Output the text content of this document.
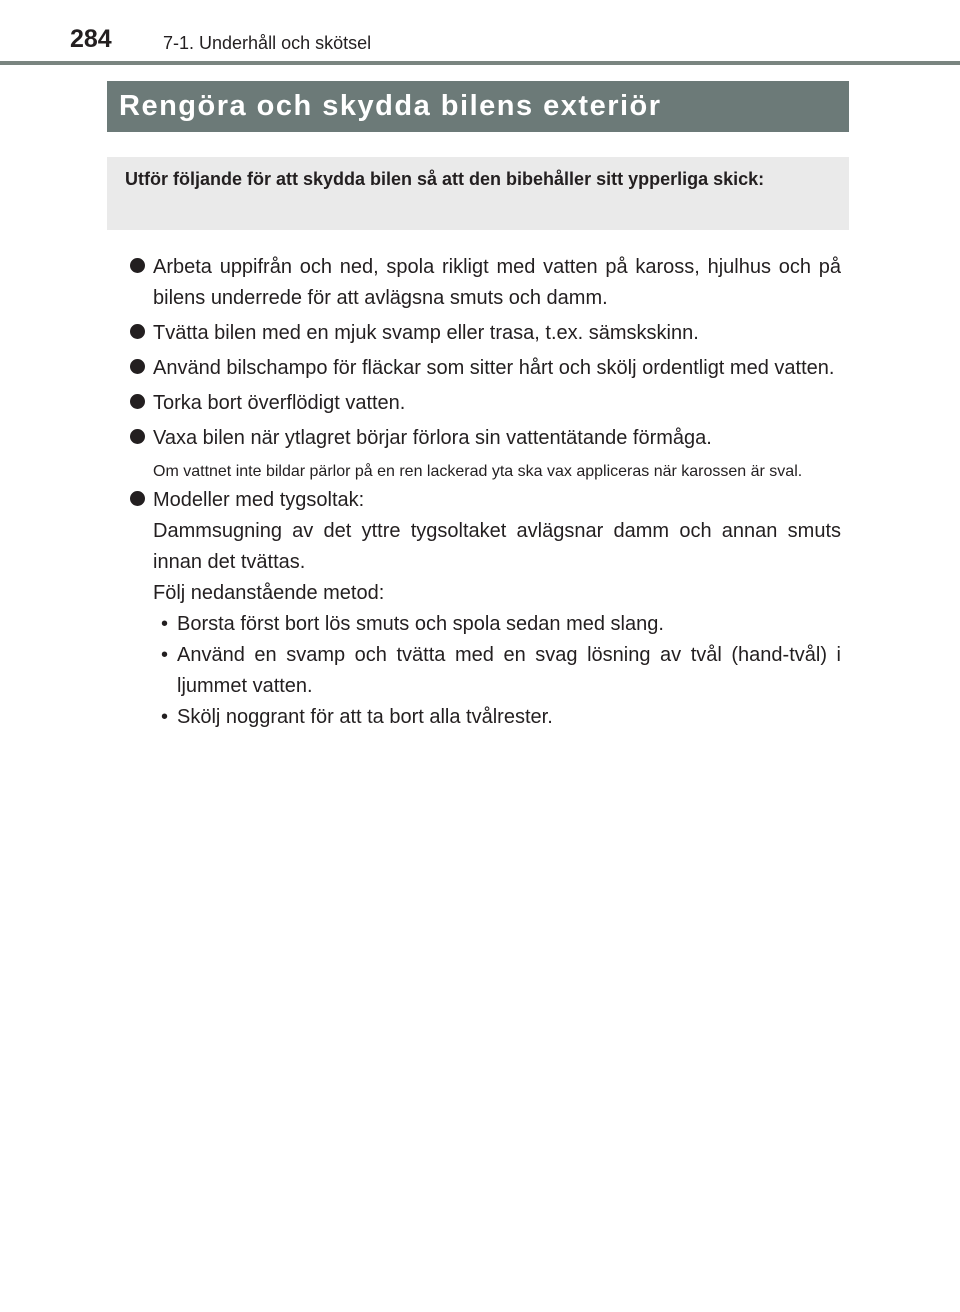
284	7-1. Underhåll och skötsel
Rengöra och skydda bilens exteriör

Utför följande för att skydda bilen så att den bibehåller sitt ypperliga skick:

Arbeta uppifrån och ned, spola rikligt med vatten på kaross, hjulhus och på bilens underrede för att avlägsna smuts och damm.
Tvätta bilen med en mjuk svamp eller trasa, t.ex. sämskskinn.
Använd bilschampo för fläckar som sitter hårt och skölj ordentligt med vatten.
Torka bort överflödigt vatten.
Vaxa bilen när ytlagret börjar förlora sin vattentätande förmåga.
Om vattnet inte bildar pärlor på en ren lackerad yta ska vax appliceras när karossen är sval.
Modeller med tygsoltak:
Dammsugning av det yttre tygsoltaket avlägsnar damm och annan smuts innan det tvättas.
Följ nedanstående metod:
• Borsta först bort lös smuts och spola sedan med slang.
• Använd en svamp och tvätta med en svag lösning av tvål (hand-tvål) i ljummet vatten.
• Skölj noggrant för att ta bort alla tvålrester.
